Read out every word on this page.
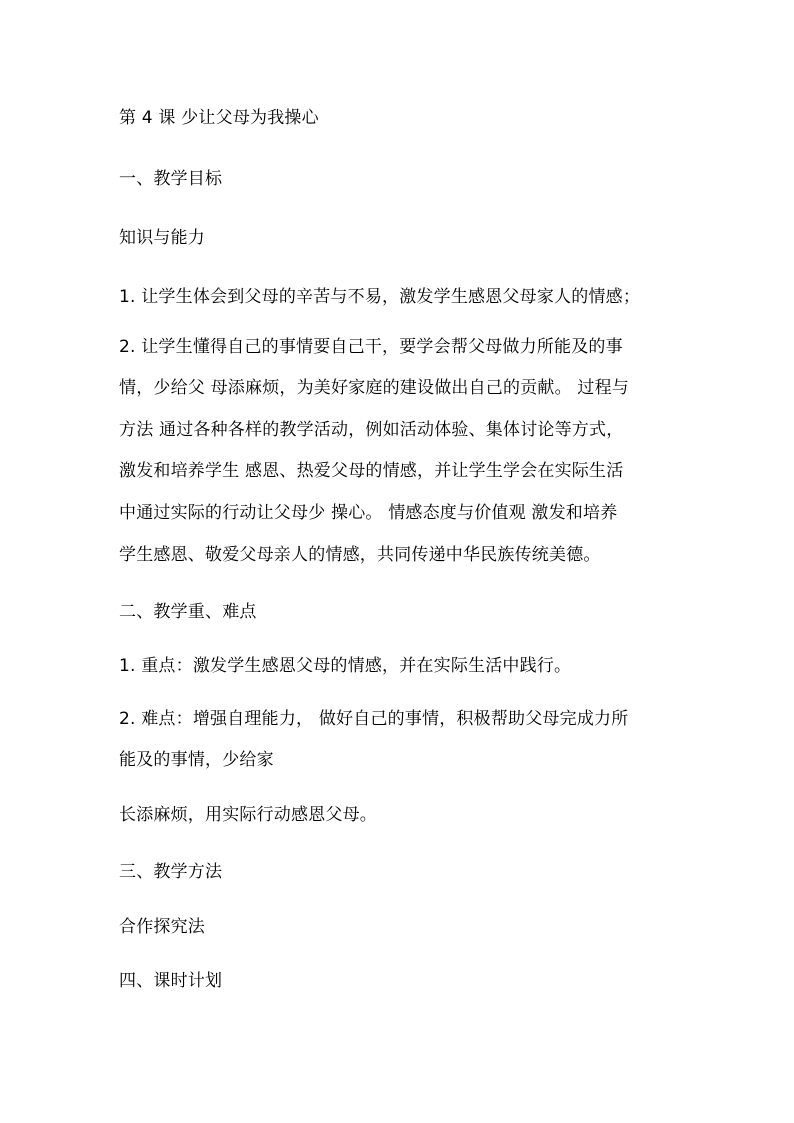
第 4 课 少让父母为我操心
一、教学目标
知识与能力
1. 让学生体会到父母的辛苦与不易，激发学生感恩父母家人的情感；
2. 让学生懂得自己的事情要自己干，要学会帮父母做力所能及的事
情，少给父 母添麻烦，为美好家庭的建设做出自己的贡献。 过程与
方法 通过各种各样的教学活动，例如活动体验、集体讨论等方式，
激发和培养学生 感恩、热爱父母的情感，并让学生学会在实际生活
中通过实际的行动让父母少 操心。 情感态度与价值观 激发和培养
学生感恩、敬爱父母亲人的情感，共同传递中华民族传统美德。
二、教学重、难点
1. 重点：激发学生感恩父母的情感，并在实际生活中践行。
2. 难点：增强自理能力， 做好自己的事情，积极帮助父母完成力所
能及的事情，少给家
长添麻烦，用实际行动感恩父母。
三、教学方法
合作探究法
四、课时计划
